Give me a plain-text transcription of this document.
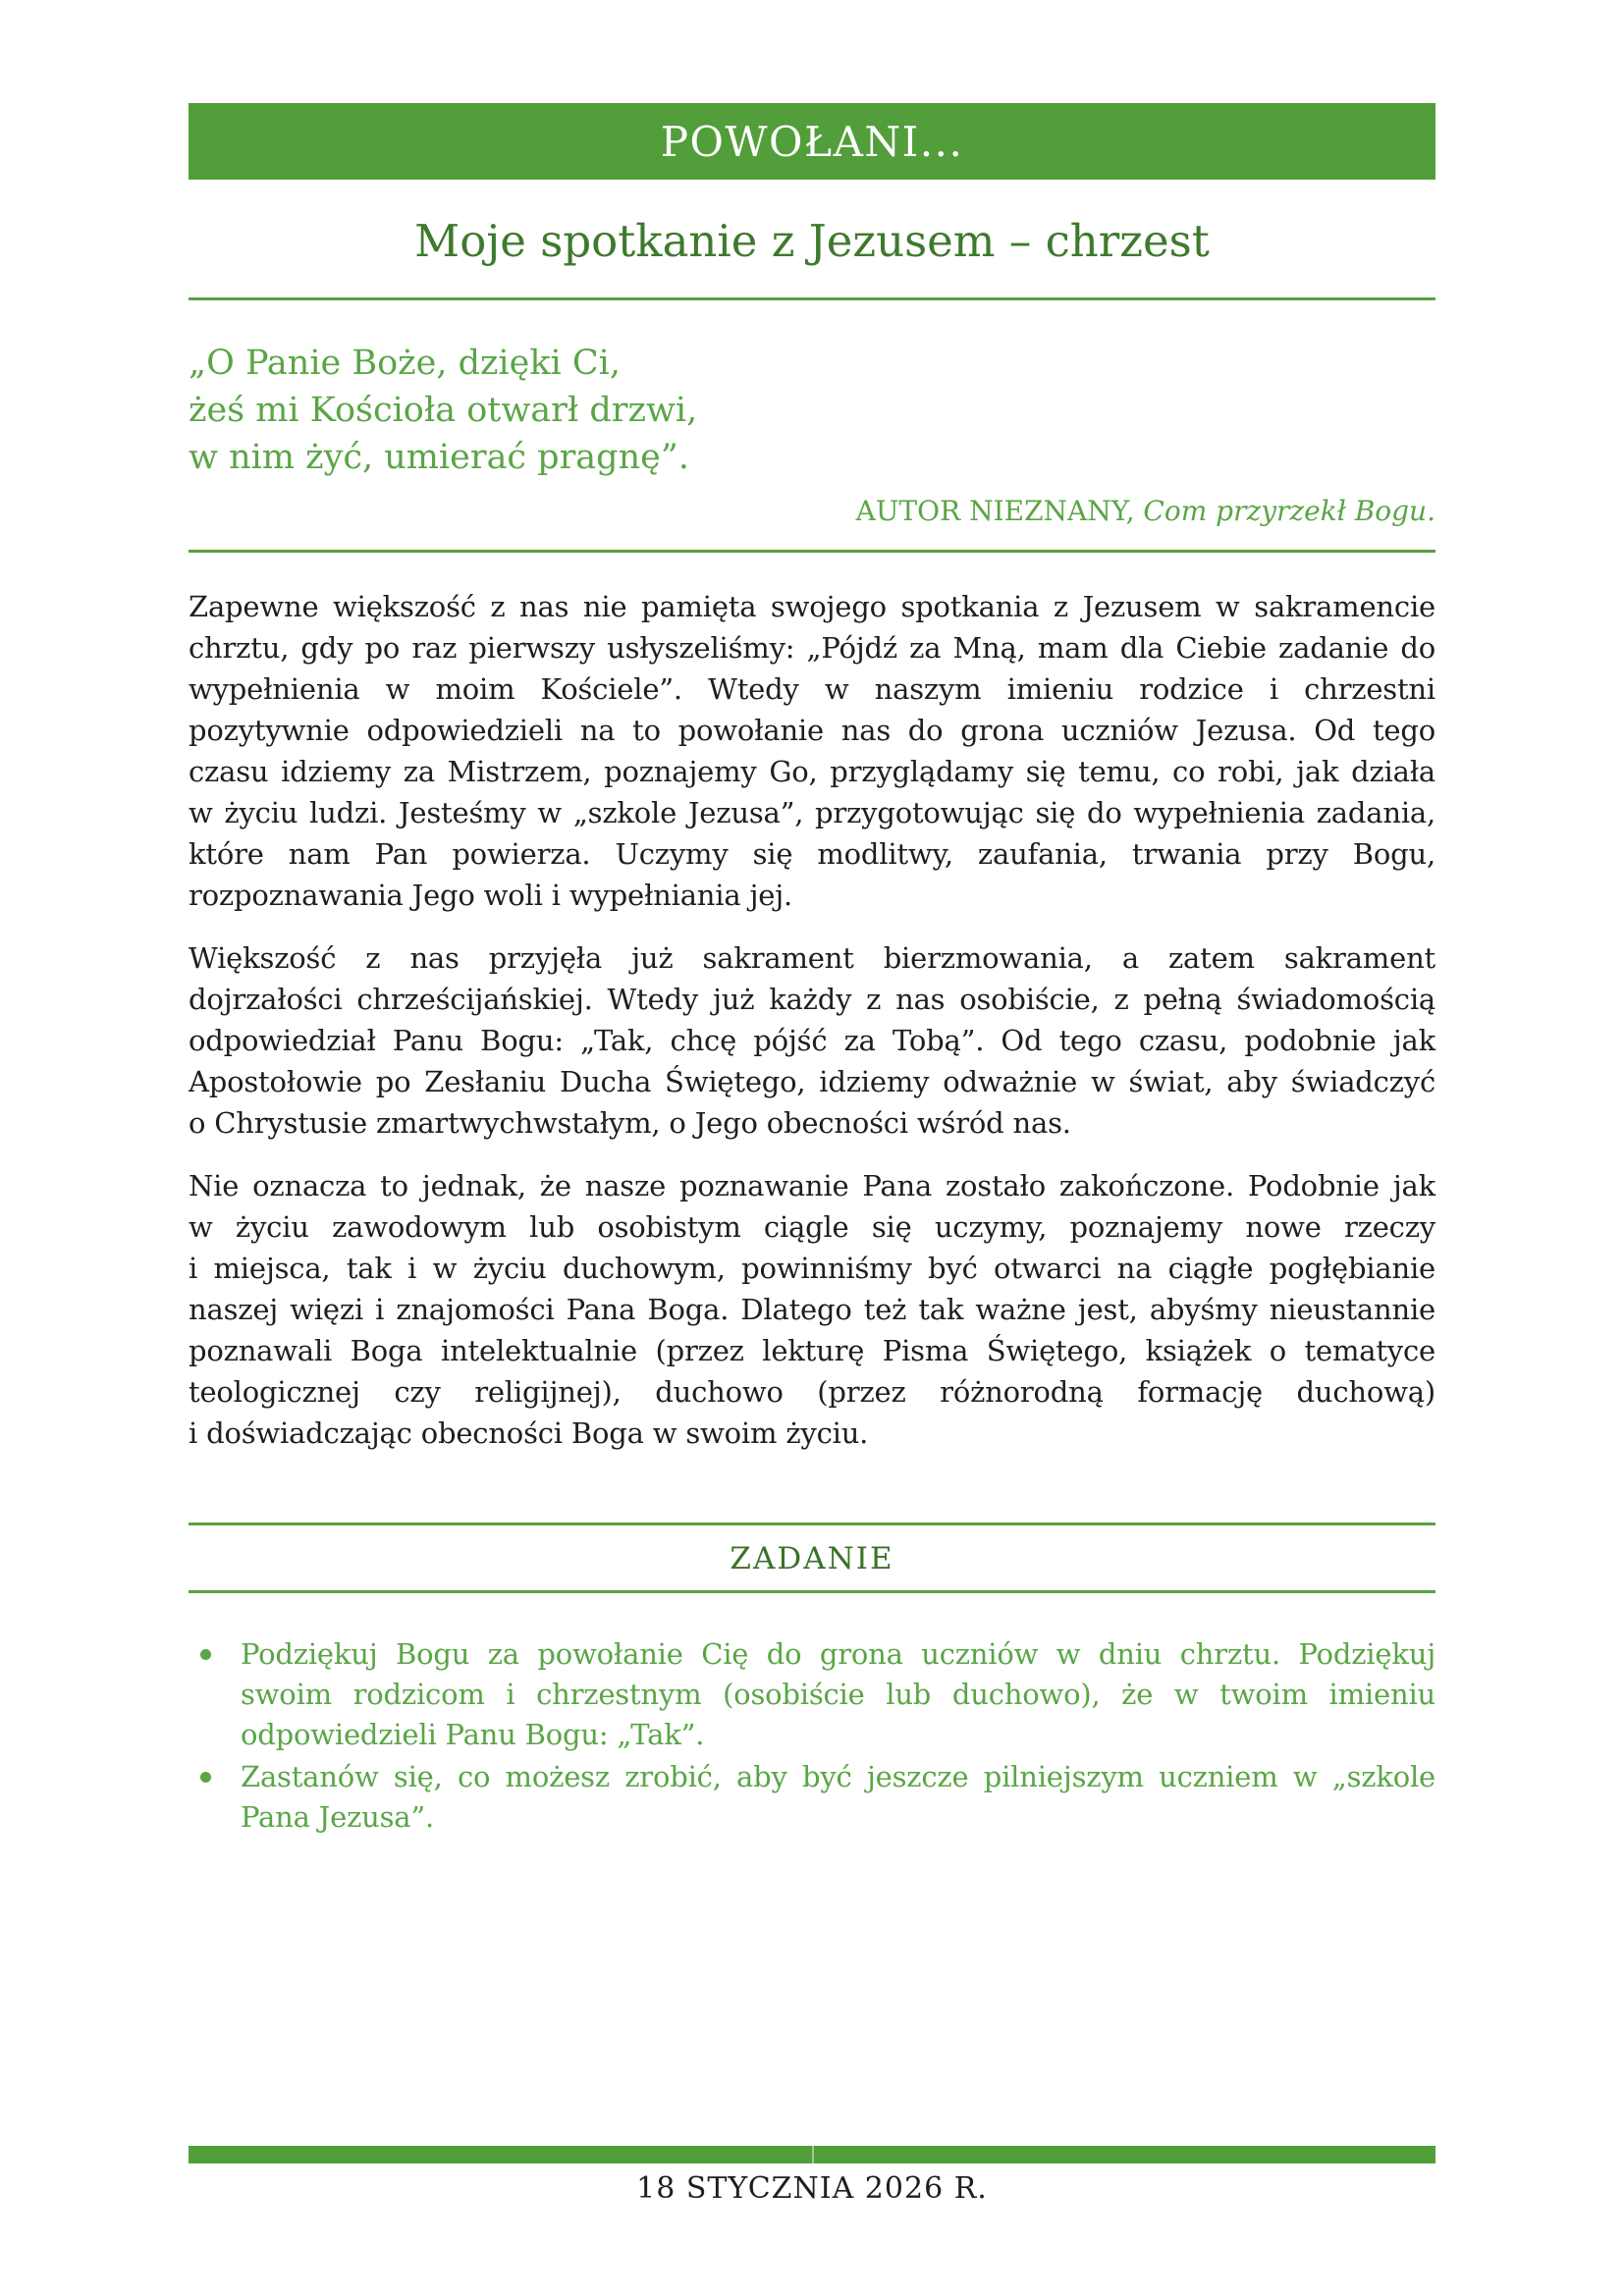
POWOŁANI...
Moje spotkanie z Jezusem – chrzest
„O Panie Boże, dzięki Ci,
żeś mi Kościoła otwarł drzwi,
w nim żyć, umierać pragnę”.
AUTOR NIEZNANY, Com przyrzekł Bogu.
Zapewne większość z nas nie pamięta swojego spotkania z Jezusem w sakramencie
chrztu, gdy po raz pierwszy usłyszeliśmy: „Pójdź za Mną, mam dla Ciebie zadanie do
wypełnienia w moim Kościele”. Wtedy w naszym imieniu rodzice i chrzestni
pozytywnie odpowiedzieli na to powołanie nas do grona uczniów Jezusa. Od tego
czasu idziemy za Mistrzem, poznajemy Go, przyglądamy się temu, co robi, jak działa
w życiu ludzi. Jesteśmy w „szkole Jezusa”, przygotowując się do wypełnienia zadania,
które nam Pan powierza. Uczymy się modlitwy, zaufania, trwania przy Bogu,
rozpoznawania Jego woli i wypełniania jej.
Większość z nas przyjęła już sakrament bierzmowania, a zatem sakrament
dojrzałości chrześcijańskiej. Wtedy już każdy z nas osobiście, z pełną świadomością
odpowiedział Panu Bogu: „Tak, chcę pójść za Tobą”. Od tego czasu, podobnie jak
Apostołowie po Zesłaniu Ducha Świętego, idziemy odważnie w świat, aby świadczyć
o Chrystusie zmartwychwstałym, o Jego obecności wśród nas.
Nie oznacza to jednak, że nasze poznawanie Pana zostało zakończone. Podobnie jak
w życiu zawodowym lub osobistym ciągle się uczymy, poznajemy nowe rzeczy
i miejsca, tak i w życiu duchowym, powinniśmy być otwarci na ciągłe pogłębianie
naszej więzi i znajomości Pana Boga. Dlatego też tak ważne jest, abyśmy nieustannie
poznawali Boga intelektualnie (przez lekturę Pisma Świętego, książek o tematyce
teologicznej czy religijnej), duchowo (przez różnorodną formację duchową)
i doświadczając obecności Boga w swoim życiu.
ZADANIE
Podziękuj Bogu za powołanie Cię do grona uczniów w dniu chrztu. Podziękuj
swoim rodzicom i chrzestnym (osobiście lub duchowo), że w twoim imieniu
odpowiedzieli Panu Bogu: „Tak”.
Zastanów się, co możesz zrobić, aby być jeszcze pilniejszym uczniem w „szkole
Pana Jezusa”.
18 STYCZNIA 2026 R.
